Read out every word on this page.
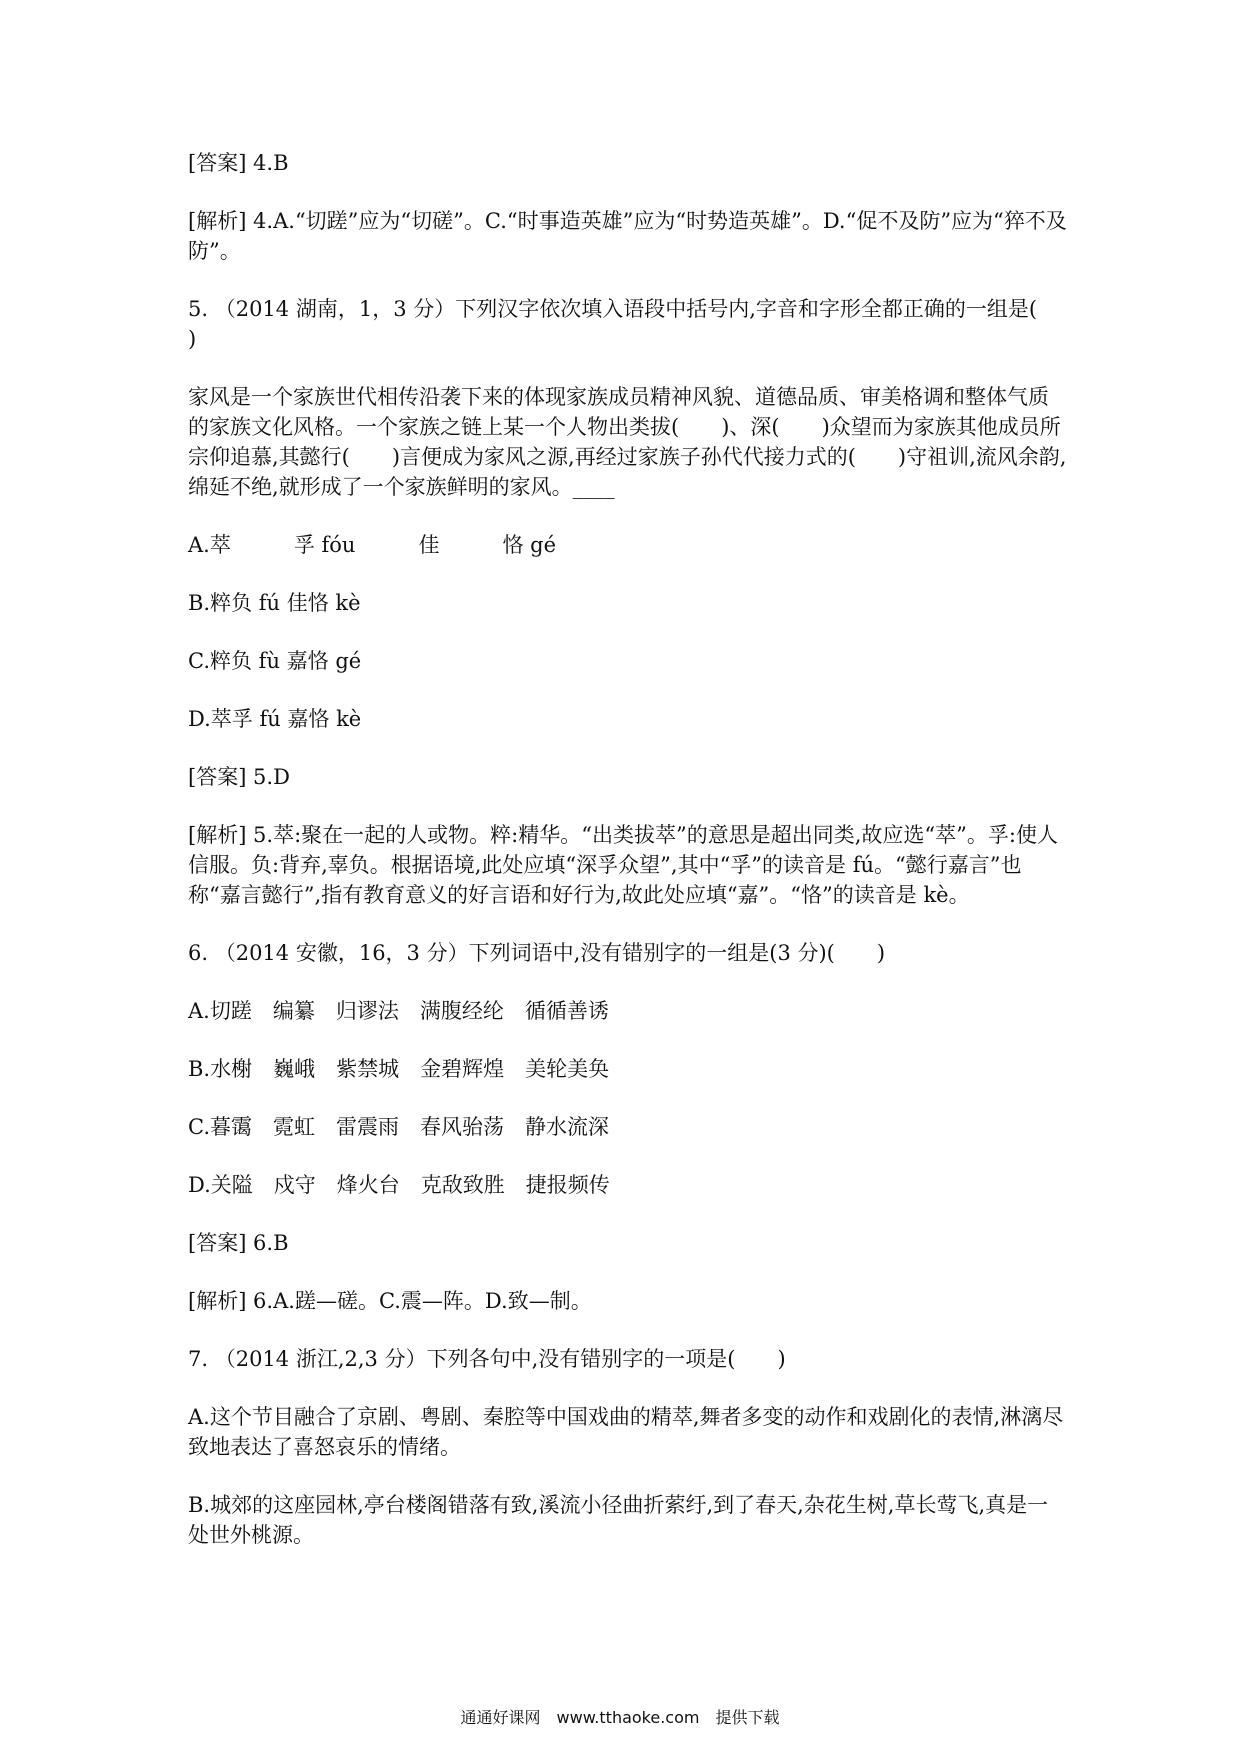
[答案] 4.B

[解析] 4.A.“切蹉”应为“切磋”。C.“时事造英雄”应为“时势造英雄”。D.“促不及防”应为“猝不及防”。

5. （2014 湖南，1，3 分）下列汉字依次填入语段中括号内,字音和字形全都正确的一组是(　　)

家风是一个家族世代相传沿袭下来的体现家族成员精神风貌、道德品质、审美格调和整体气质的家族文化风格。一个家族之链上某一个人物出类拔(　　)、深(　　)众望而为家族其他成员所宗仰追慕,其懿行(　　)言便成为家风之源,再经过家族子孙代代接力式的(　　)守祖训,流风余韵,绵延不绝,就形成了一个家族鲜明的家风。____

A.萃　　　孚 fóu　　　佳　　　恪 gé

B.粹负 fú 佳恪 kè

C.粹负 fù 嘉恪 gé

D.萃孚 fú 嘉恪 kè

[答案] 5.D

[解析] 5.萃:聚在一起的人或物。粹:精华。“出类拔萃”的意思是超出同类,故应选“萃”。孚:使人信服。负:背弃,辜负。根据语境,此处应填“深孚众望”,其中“孚”的读音是 fú。“懿行嘉言”也称“嘉言懿行”,指有教育意义的好言语和好行为,故此处应填“嘉”。“恪”的读音是 kè。

6. （2014 安徽，16，3 分）下列词语中,没有错别字的一组是(3 分)(　　)

A.切蹉　编纂　归谬法　满腹经纶　循循善诱

B.水榭　巍峨　紫禁城　金碧辉煌　美轮美奂

C.暮霭　霓虹　雷震雨　春风骀荡　静水流深

D.关隘　戍守　烽火台　克敌致胜　捷报频传

[答案] 6.B

[解析] 6.A.蹉—磋。C.震—阵。D.致—制。

7. （2014 浙江,2,3 分）下列各句中,没有错别字的一项是(　　)

A.这个节目融合了京剧、粤剧、秦腔等中国戏曲的精萃,舞者多变的动作和戏剧化的表情,淋漓尽致地表达了喜怒哀乐的情绪。

B.城郊的这座园林,亭台楼阁错落有致,溪流小径曲折萦纡,到了春天,杂花生树,草长莺飞,真是一处世外桃源。

通通好课网　www.tthaoke.com　提供下载
